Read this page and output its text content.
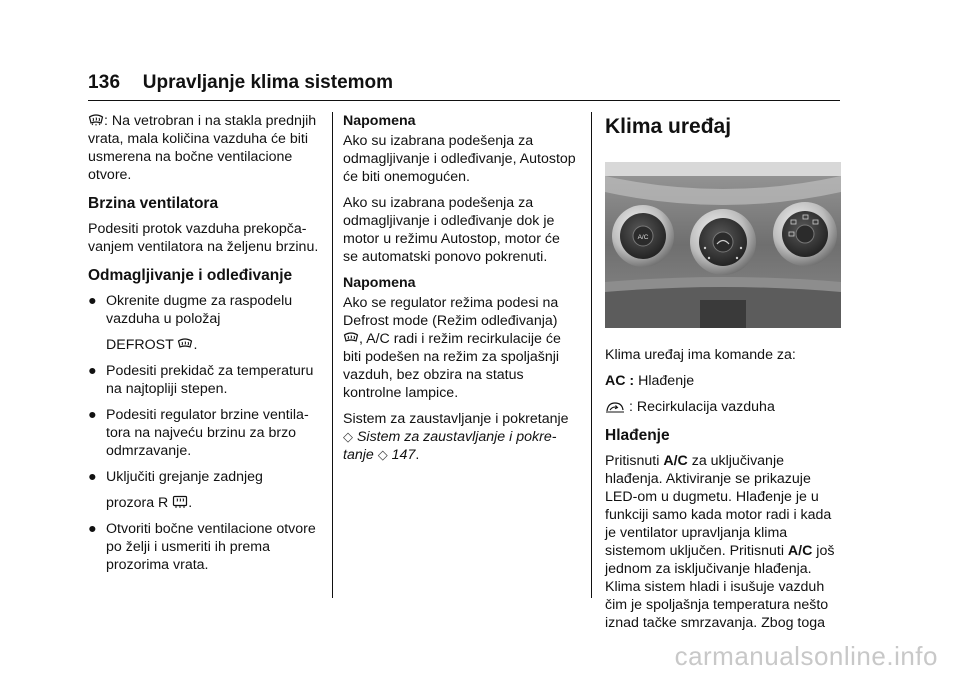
136 Upravljanje klima sistemom

: Na vetrobran i na stakla prednjih vrata, mala količina vazduha će biti usmerena na bočne ventilacione otvore.

Brzina ventilatora

Podesiti protok vazduha prekopča-vanjem ventilatora na željenu brzinu.

Odmagljivanje i odleđivanje
● Okrenite dugme za raspodelu vazduha u položaj
DEFROST .
● Podesiti prekidač za temperaturu na najtopliji stepen.
● Podesiti regulator brzine ventila-tora na najveću brzinu za brzo odmrzavanje.
● Uključiti grejanje zadnjeg
prozora R .
● Otvoriti bočne ventilacione otvore po želji i usmeriti ih prema prozorima vrata.
Napomena

Ako su izabrana podešenja za odmagljivanje i odleđivanje, Autostop će biti onemogućen.

Ako su izabrana podešenja za odmagljivanje i odleđivanje dok je motor u režimu Autostop, motor će se automatski ponovo pokrenuti.

Napomena

Ako se regulator režima podesi na Defrost mode (Režim odleđivanja)
, A/C radi i režim recirkulacije će biti podešen na režim za spoljašnji vazduh, bez obzira na status kontrolne lampice.

Sistem za zaustavljanje i pokretanje
◇ Sistem za zaustavljanje i pokre-tanje ◇ 147.

Klima uređaj
A/C

Klima uređaj ima komande za:

AC : Hlađenje

: Recirkulacija vazduha

Hlađenje

Pritisnuti A/C za uključivanje hlađenja. Aktiviranje se prikazuje LED-om u dugmetu. Hlađenje je u funkciji samo kada motor radi i kada je ventilator upravljanja klima sistemom uključen. Pritisnuti A/C još jednom za isključivanje hlađenja. Klima sistem hladi i isušuje vazduh čim je spoljašnja temperatura nešto iznad tačke smrzavanja. Zbog toga

carmanualsonline.info
